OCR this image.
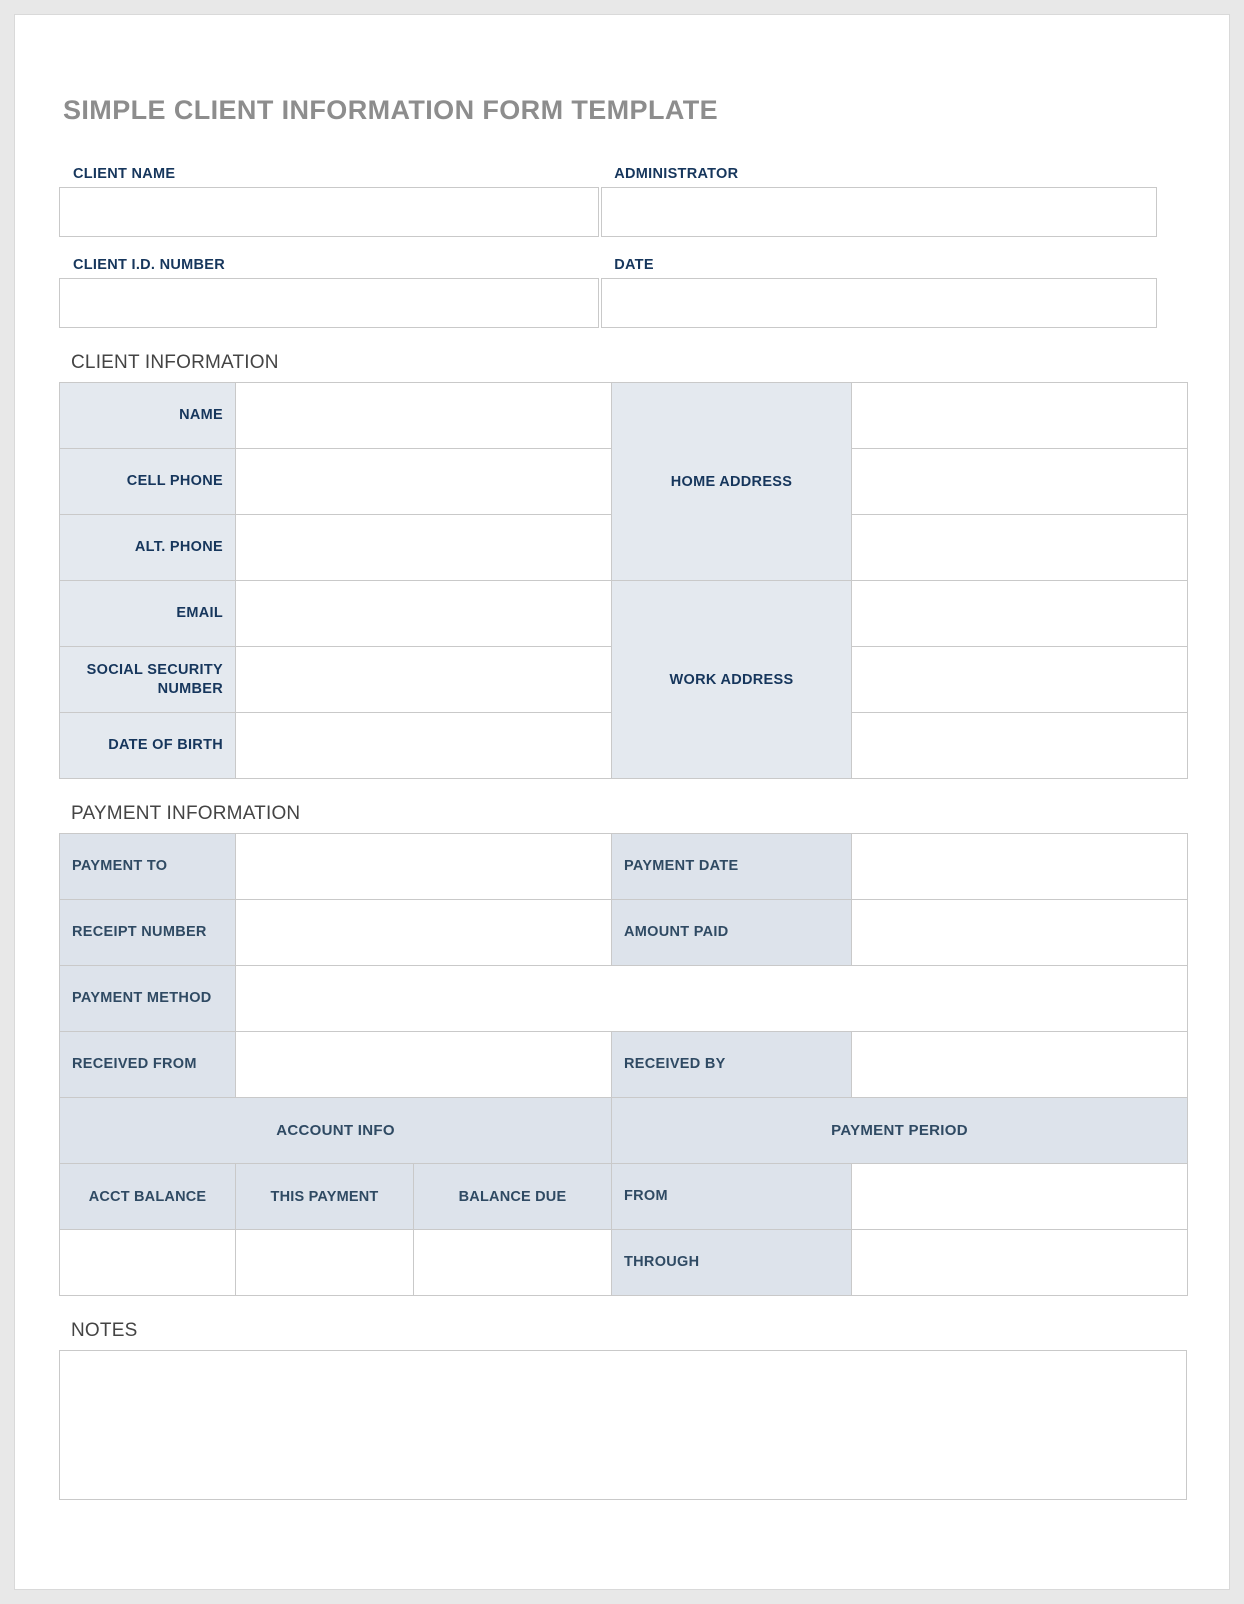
SIMPLE CLIENT INFORMATION FORM TEMPLATE
CLIENT NAME	ADMINISTRATOR
CLIENT I.D. NUMBER	DATE
CLIENT INFORMATION
NAME		HOME ADDRESS	
CELL PHONE			
ALT. PHONE			
EMAIL		WORK ADDRESS	
SOCIAL SECURITY NUMBER			
DATE OF BIRTH			
PAYMENT INFORMATION
PAYMENT TO			PAYMENT DATE	
RECEIPT NUMBER			AMOUNT PAID	
PAYMENT METHOD				
RECEIVED FROM			RECEIVED BY	
ACCOUNT INFO			PAYMENT PERIOD	
ACCT BALANCE	THIS PAYMENT	BALANCE DUE	FROM	
			THROUGH	
NOTES
